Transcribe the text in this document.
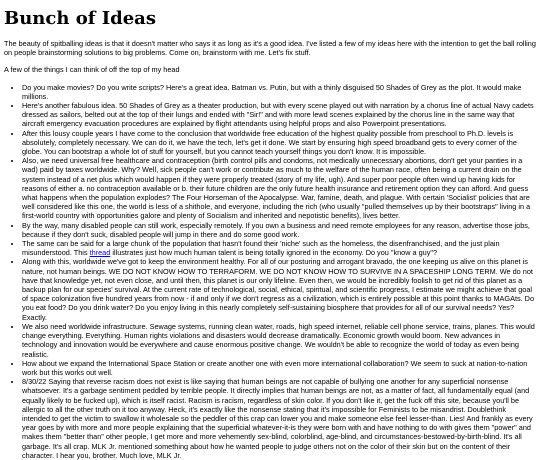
Bunch of Ideas

The beauty of spitballing ideas is that it doesn't matter who says it as long as it's a good idea. I've listed a few of my ideas here with the intention to get the ball rolling on people brainstorming solutions to big problems. Come on, brainstorm with me. Let's fix stuff.

A few of the things I can think of off the top of my head

• Do you make movies? Do you write scripts? Here's a great idea. Batman vs. Putin, but with a thinly disguised 50 Shades of Grey as the plot. It would make millions.
• Here's another fabulous idea. 50 Shades of Grey as a theater production, but with every scene played out with narration by a chorus line of actual Navy cadets dressed as sailors, belted out at the top of their lungs and ended with "Sir!" and with more lewd scenes explained by the chorus line in the same way that aircraft emergency evacuation procedures are explained by flight attendants using helpful props and also Powerpoint presentations.
• After this lousy couple years I have come to the conclusion that worldwide free education of the highest quality possible from preschool to Ph.D. levels is absolutely, completely necessary. We can do it, we have the tech, let's get it done. We start by ensuring high speed broadband gets to every corner of the globe. You can bootstrap a whole lot of stuff for yourself, but you cannot teach yourself things you don't know. It is impossible.
• Also, we need universal free healthcare and contraception (birth control pills and condoms, not medically unnecessary abortions, don't get your panties in a wad) paid by taxes worldwide. Why? Well, sick people can't work or contribute as much to the welfare of the human race, often being a current drain on the system instead of a net plus which would happen if they were properly treated (story of my life, ugh). And super poor people often wind up having kids for reasons of either a. no contraception available or b. their future children are the only future health insurance and retirement option they can afford. And guess what happens when the population explodes? The Four Horseman of the Apocalypse. War, famine, death, and plague. With certain 'Socialist' policies that are well considered like this one, the world is less of a shithole, and everyone, including the rich (who usually "pulled themselves up by their bootstraps" living in a first-world country with opportunities galore and plenty of Socialism and inherited and nepotistic benefits), lives better.
• By the way, many disabled people can still work, especially remotely. If you own a business and need remote employees for any reason, advertise those jobs, because if they don't suck, disabled people will jump in there and do some good work.
• The same can be said for a large chunk of the population that hasn't found their 'niche' such as the homeless, the disenfranchised, and the just plain misunderstood. This thread illustrates just how much human talent is being totally ignored in the economy. Do you "know a guy"?
• Along with this, worldwide we've got to keep the environment healthy. For all of our posturing and arrogant bravado, the one keeping us alive on this planet is nature, not human beings. WE DO NOT KNOW HOW TO TERRAFORM. WE DO NOT KNOW HOW TO SURVIVE IN A SPACESHIP LONG TERM. We do not have that knowledge yet, not even close, and until then, this planet is our only lifeline. Even then, we would be incredibly foolish to get rid of this planet as a backup plan for our species' survival. At the current rate of technological, social, ethical, spiritual, and scientific progress, I estimate we might achieve that goal of space colonization five hundred years from now - if and only if we don't regress as a civilization, which is entirely possible at this point thanks to MAGAts. Do you eat food? Do you drink water? Do you enjoy living in this nearly completely self-sustaining biosphere that provides for all of our survival needs? Yes? Exactly.
• We also need worldwide infrastructure. Sewage systems, running clean water, roads, high speed internet, reliable cell phone service, trains, planes. This would change everything. Everything. Human rights violations and disasters would decrease dramatically. Economic growth would boom. New advances in technology and innovation would be everywhere and cause enormous positive change. We wouldn't be able to recognize the world of today as even being realistic.
• How about we expand the International Space Station or create another one with even more international collaboration? We seem to suck at nation-to-nation work but this works out well.
• 8/30/22 Saying that reverse racism does not exist is like saying that human beings are not capable of bullying one another for any superficial nonsense whatsoever. It's a garbage sentiment peddled by terrible people. It directly implies that human beings are not, as a matter of fact, all fundamentally equal (and equally likely to be fucked up), which is itself racist. Racism is racism, regardless of skin color. If you don't like it, get the fuck off this site, because you'll be allergic to all the other truth on it too anyway. Heck, it's exactly like the nonsense stating that it's impossible for Feminists to be misandrist. Doublethink intended to get the victim to swallow it wholesale so the peddler of this crap can lower you and make someone else feel lesser-than. Lies! And frankly as every year goes by with more and more people explaining that the superficial whatever-it-is they were born with and have nothing to do with gives them "power" and makes them "better than" other people, I get more and more vehemently sex-blind, colorblind, age-blind, and circumstances-bestowed-by-birth-blind. It's all garbage. It's all crap. MLK Jr. mentioned something about how he wanted people to judge others not on the color of their skin but on the content of their character. I hear you, brother. Much love, MLK Jr.
